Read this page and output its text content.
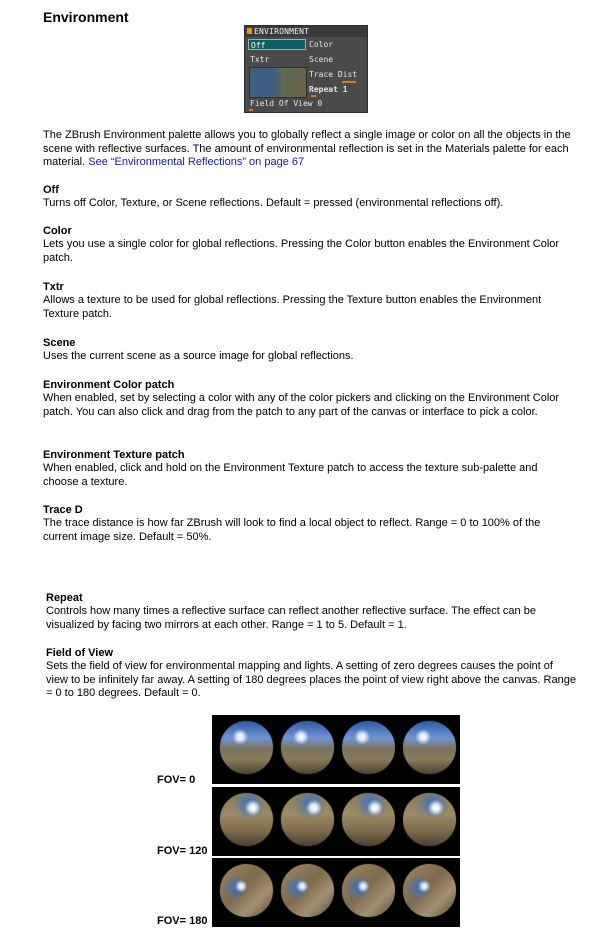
Environment
ENVIRONMENT
Off	Color
Txtr	Scene
Trace Dist
Repeat 1
Field Of View 0
The ZBrush Environment palette allows you to globally reflect a single image or color on all the objects in the scene with reflective surfaces. The amount of environmental reflection is set in the Materials palette for each material. See “Environmental Reflections” on page 67
Off
Turns off Color, Texture, or Scene reflections. Default = pressed (environmental reflections off).
Color
Lets you use a single color for global reflections. Pressing the Color button enables the Environment Color patch.
Txtr
Allows a texture to be used for global reflections. Pressing the Texture button enables the Environment Texture patch.
Scene
Uses the current scene as a source image for global reflections.
Environment Color patch
When enabled, set by selecting a color with any of the color pickers and clicking on the Environment Color patch. You can also click and drag from the patch to any part of the canvas or interface to pick a color.
Environment Texture patch
When enabled, click and hold on the Environment Texture patch to access the texture sub-palette and choose a texture.
Trace D
The trace distance is how far ZBrush will look to find a local object to reflect. Range = 0 to 100% of the current image size. Default = 50%.
Repeat
Controls how many times a reflective surface can reflect another reflective surface. The effect can be visualized by facing two mirrors at each other. Range = 1 to 5. Default = 1.
Field of View
Sets the field of view for environmental mapping and lights. A setting of zero degrees causes the point of view to be infinitely far away. A setting of 180 degrees places the point of view right above the canvas. Range = 0 to 180 degrees. Default = 0.
FOV= 0
FOV= 120
FOV= 180
